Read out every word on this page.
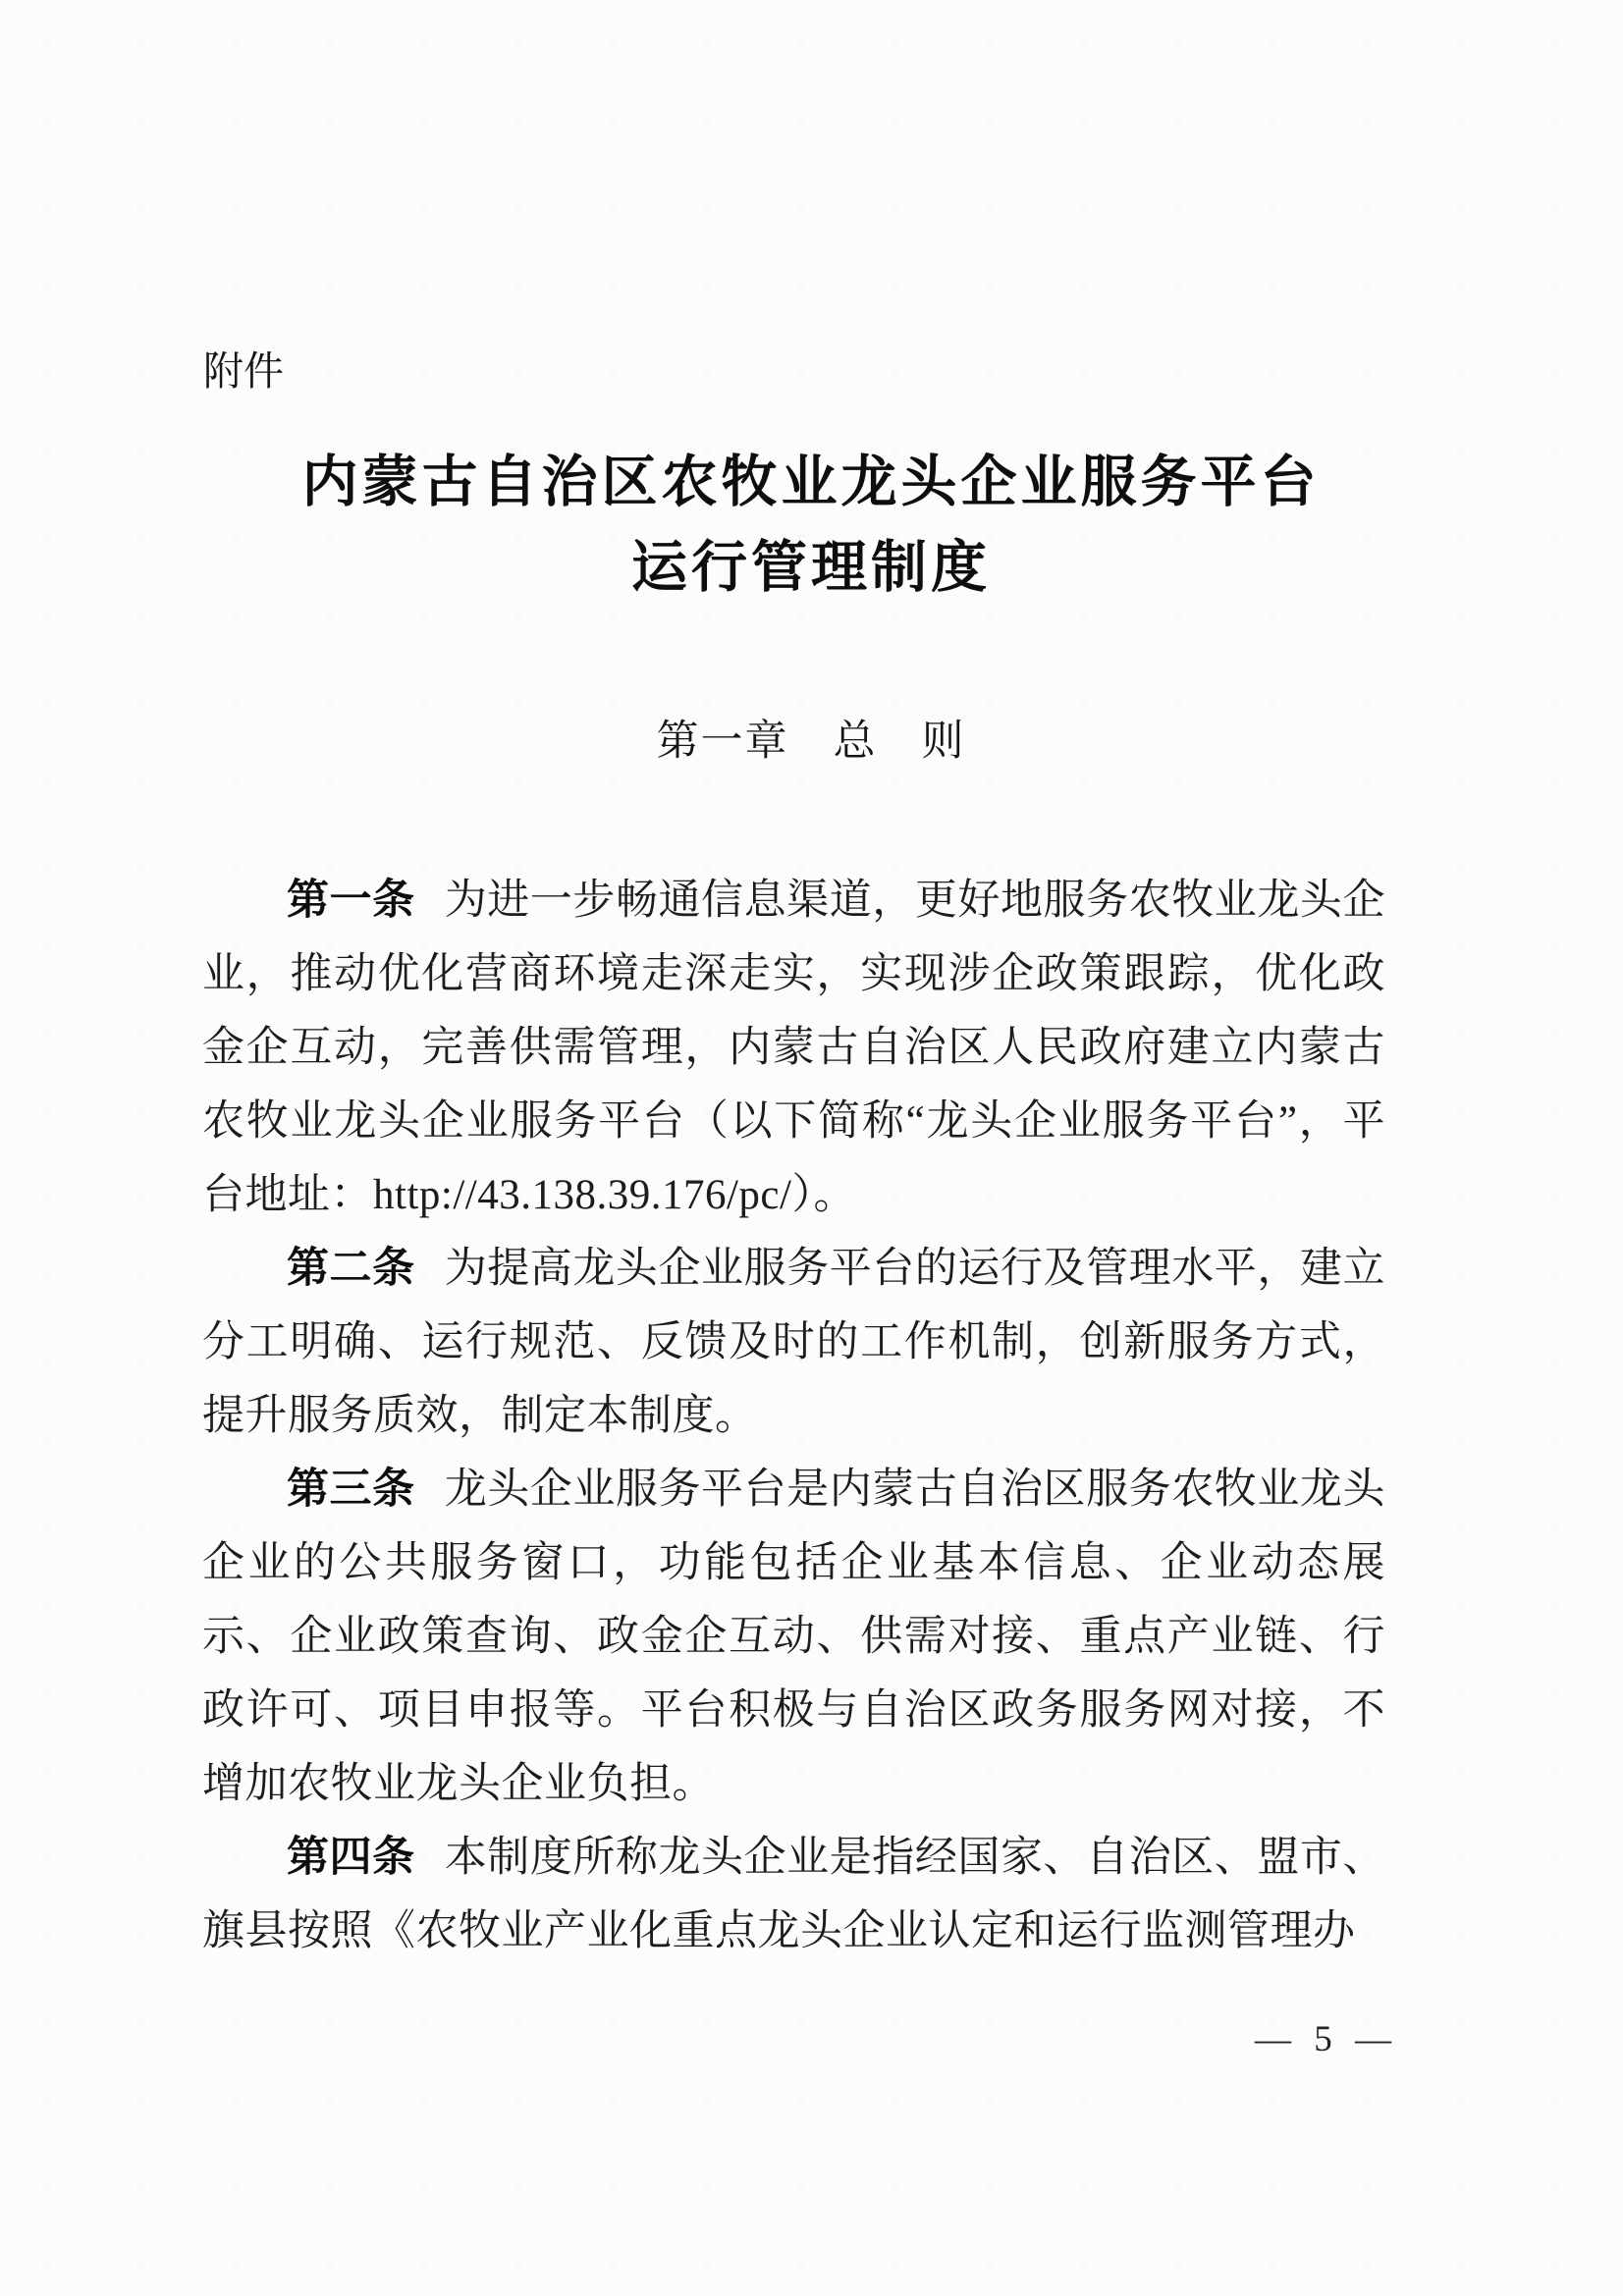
附件
内蒙古自治区农牧业龙头企业服务平台
运行管理制度
第一章　总　则

第一条 为进一步畅通信息渠道，更好地服务农牧业龙头企业，推动优化营商环境走深走实，实现涉企政策跟踪，优化政金企互动，完善供需管理，内蒙古自治区人民政府建立内蒙古农牧业龙头企业服务平台（以下简称“龙头企业服务平台”，平台地址：http://43.138.39.176/pc/）。

第二条 为提高龙头企业服务平台的运行及管理水平，建立分工明确、运行规范、反馈及时的工作机制，创新服务方式，提升服务质效，制定本制度。

第三条 龙头企业服务平台是内蒙古自治区服务农牧业龙头企业的公共服务窗口，功能包括企业基本信息、企业动态展示、企业政策查询、政金企互动、供需对接、重点产业链、行政许可、项目申报等。平台积极与自治区政务服务网对接，不增加农牧业龙头企业负担。

第四条 本制度所称龙头企业是指经国家、自治区、盟市、旗县按照《农牧业产业化重点龙头企业认定和运行监测管理办

— 5 —
